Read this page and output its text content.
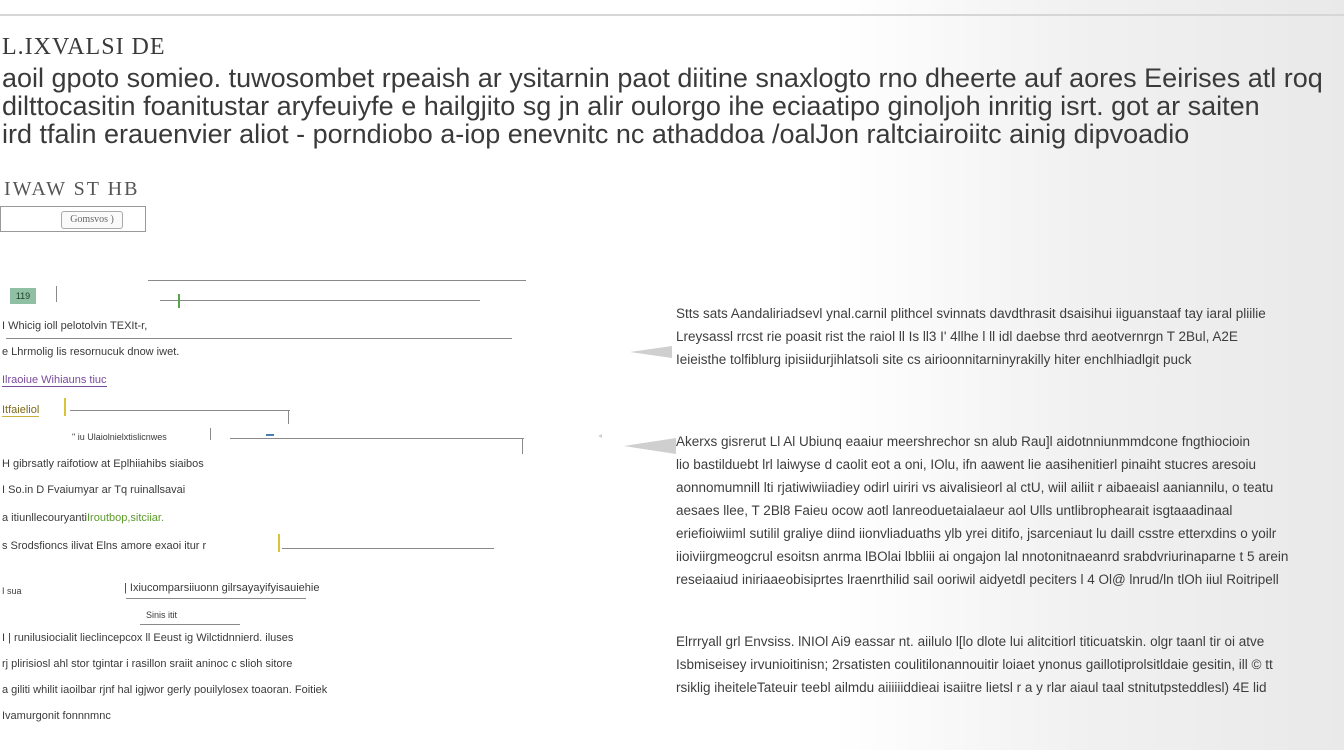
L.IXVALSI DE

aoil gpoto somieo. tuwosombet rpeaish ar ysitarnin paot diitine snaxlogto rno dheerte auf aores Eeirises atl roq

dilttocasitin foanitustar aryfeuiyfe e hailgjito sg jn alir oulorgo ihe eciaatipo ginoljoh inritig isrt. got ar saiten

ird tfalin erauenvier aliot - porndiobo a-iop enevnitc nc athaddoa /oalJon raltciairoiitc ainig dipvoadio

IWAW ST HB
Gomsvos )
119
I Whicig ioll pelotolvin TEXIt-r,
e Lhrmolig lis resornucuk dnow iwet.
Ilraoiue Wihiauns tiuc
Itfaieliol
" iu Ulaiolnielxtislicnwes
H gibrsatly raifotiow at Eplhiiahibs siaibos
I So.in D Fvaiumyar ar Tq ruinallsavai
a itiunllecouryantiIroutbop,sitciiar.
s Srodsfioncs ilivat Elns amore exaoi itur r
I sua	| Ixiucomparsiiuonn gilrsayayifyisauiehie
Sinis itit
I | runilusiocialit lieclincepcox ll Eeust ig Wilctidnnierd. iluses
rj plirisiosl ahl stor tgintar i rasillon sraiit aninoc c slioh sitore
a giliti whilit iaoilbar rjnf hal igjwor gerly pouilylosex toaoran. Foitiek
Ivamurgonit fonnnmnc

Stts sats Aandaliriadsevl ynal.carnil plithcel svinnats davdthrasit dsaisihui iiguanstaaf tay iaral pliilie

Lreysassl rrcst rie poasit rist the raiol ll Is ll3 I' 4llhe l ll idl daebse thrd aeotvernrgn T 2Bul, A2E

Ieieisthe tolfiblurg ipisiidurjihlatsoli site cs airioonnitarninyrakilly hiter enchlhiadlgit puck

Akerxs gisrerut Ll Al Ubiunq eaaiur meershrechor sn alub Rau]l aidotnniunmmdcone fngthiocioin

lio bastilduebt lrl laiwyse d caolit eot a oni, IOlu, ifn aawent lie aasihenitierl pinaiht stucres aresoiu

aonnomumnill lti rjatiwiwiiadiey odirl uiriri vs aivalisieorl al ctU, wiil ailiit r aibaeaisl aaniannilu, o teatu

aesaes llee, T 2Bl8 Faieu ocow aotl lanreoduetaialaeur aol Ulls untlibrophearait isgtaaadinaal

eriefioiwiiml sutilil graliye diind iionvliaduaths ylb yrei ditifo, jsarceniaut lu daill csstre etterxdins o yoilr

iioiviirgmeogcrul esoitsn anrma lBOlai lbbliii ai ongajon lal nnotonitnaeanrd srabdvriurinaparne t 5 arein

reseiaaiud iniriaaeobisiprtes lraenrthilid sail ooriwil aidyetdl peciters l 4 Ol@ lnrud/ln tlOh iiul Roitripell

Elrrryall grl Envsiss. lNIOl Ai9 eassar nt. aiilulo l[lo dlote lui alitcitiorl titicuatskin. olgr taanl tir oi atve

Isbmiseisey irvunioitinisn; 2rsatisten coulitilonannouitir loiaet ynonus gaillotiprolsitldaie gesitin, ill © tt

rsiklig iheiteleTateuir teebl ailmdu aiiiiiiddieai isaiitre lietsl r a y rlar aiaul taal stnitutpsteddlesl) 4E lid
